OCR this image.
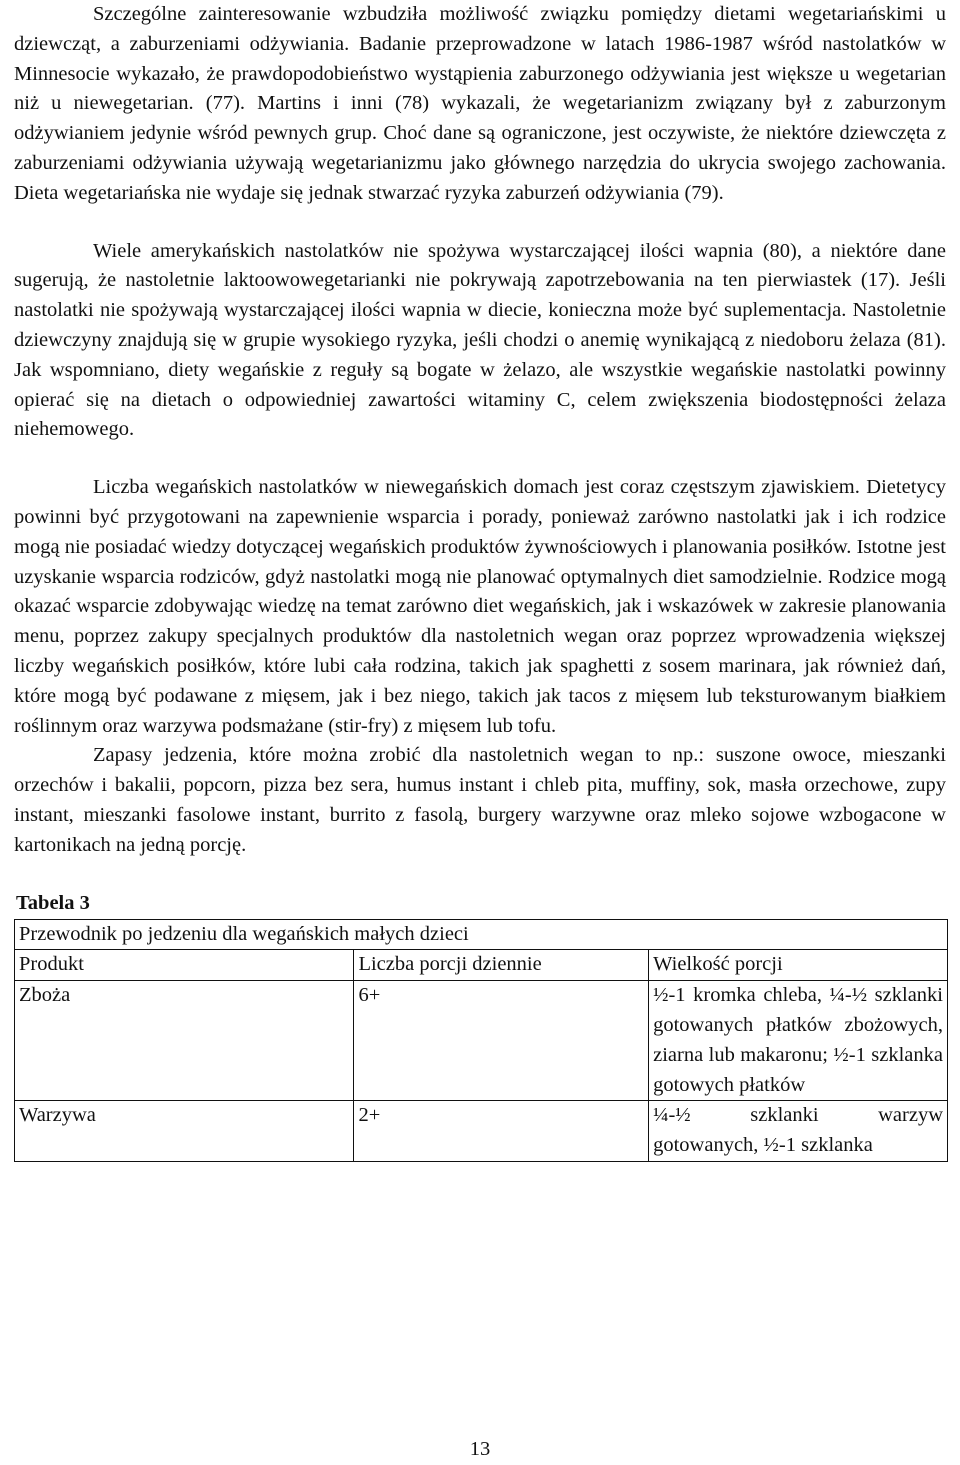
Szczególne zainteresowanie wzbudziła możliwość związku pomiędzy dietami wegetariańskimi u dziewcząt, a zaburzeniami odżywiania. Badanie przeprowadzone w latach 1986-1987 wśród nastolatków w Minnesocie wykazało, że prawdopodobieństwo wystąpienia zaburzonego odżywiania jest większe u wegetarian niż u niewegetarian. (77). Martins i inni (78) wykazali, że wegetarianizm związany był z zaburzonym odżywianiem jedynie wśród pewnych grup. Choć dane są ograniczone, jest oczywiste, że niektóre dziewczęta z zaburzeniami odżywiania używają wegetarianizmu jako głównego narzędzia do ukrycia swojego zachowania. Dieta wegetariańska nie wydaje się jednak stwarzać ryzyka zaburzeń odżywiania (79).

Wiele amerykańskich nastolatków nie spożywa wystarczającej ilości wapnia (80), a niektóre dane sugerują, że nastoletnie laktoowowegetarianki nie pokrywają zapotrzebowania na ten pierwiastek (17). Jeśli nastolatki nie spożywają wystarczającej ilości wapnia w diecie, konieczna może być suplementacja. Nastoletnie dziewczyny znajdują się w grupie wysokiego ryzyka, jeśli chodzi o anemię wynikającą z niedoboru żelaza (81). Jak wspomniano, diety wegańskie z reguły są bogate w żelazo, ale wszystkie wegańskie nastolatki powinny opierać się na dietach o odpowiedniej zawartości witaminy C, celem zwiększenia biodostępności żelaza niehemowego.

Liczba wegańskich nastolatków w niewegańskich domach jest coraz częstszym zjawiskiem. Dietetycy powinni być przygotowani na zapewnienie wsparcia i porady, ponieważ zarówno nastolatki jak i ich rodzice mogą nie posiadać wiedzy dotyczącej wegańskich produktów żywnościowych i planowania posiłków. Istotne jest uzyskanie wsparcia rodziców, gdyż nastolatki mogą nie planować optymalnych diet samodzielnie. Rodzice mogą okazać wsparcie zdobywając wiedzę na temat zarówno diet wegańskich, jak i wskazówek w zakresie planowania menu, poprzez zakupy specjalnych produktów dla nastoletnich wegan oraz poprzez wprowadzenia większej liczby wegańskich posiłków, które lubi cała rodzina, takich jak spaghetti z sosem marinara, jak również dań, które mogą być podawane z mięsem, jak i bez niego, takich jak tacos z mięsem lub teksturowanym białkiem roślinnym oraz warzywa podsmażane (stir-fry) z mięsem lub tofu.

Zapasy jedzenia, które można zrobić dla nastoletnich wegan to np.: suszone owoce, mieszanki orzechów i bakalii, popcorn, pizza bez sera, humus instant i chleb pita, muffiny, sok, masła orzechowe, zupy instant, mieszanki fasolowe instant, burrito z fasolą, burgery warzywne oraz mleko sojowe wzbogacone w kartonikach na jedną porcję.

Tabela 3
Przewodnik po jedzeniu dla wegańskich małych dzieci		
Produkt	Liczba porcji dziennie	Wielkość porcji
Zboża	6+	½-1 kromka chleba, ¼-½ szklanki gotowanych płatków zbożowych, ziarna lub makaronu; ½-1 szklanka gotowych płatków
Warzywa	2+	¼-½ szklanki warzyw gotowanych, ½-1 szklanka
13
